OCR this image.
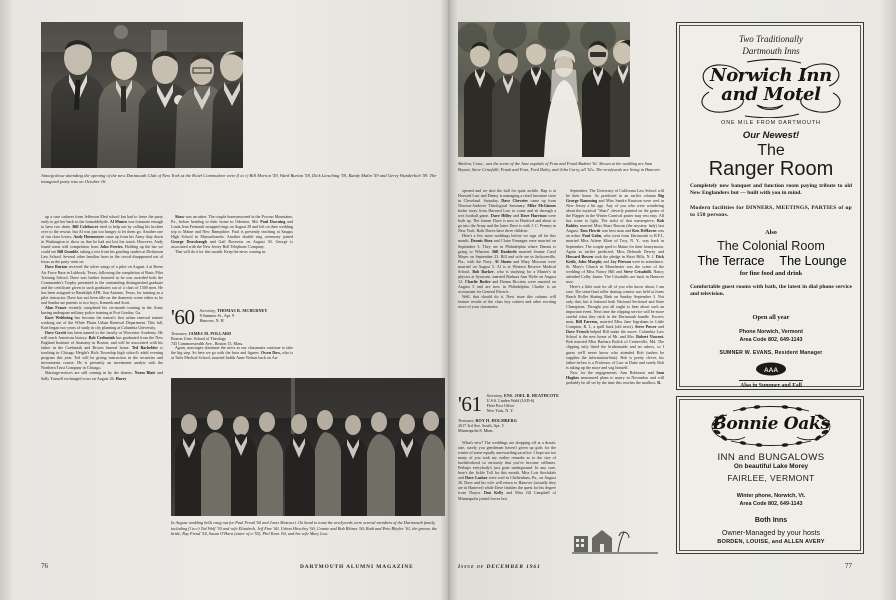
Among those attending the opening of the new Dartmouth Club of New York at the Hotel Commodore were (l to r) Bill Morton '59, Ward Burian '58, Dick Liesching '59, Randy Malin '59 and Gerry Wunderlich '59. The inaugural party was on October 16.

up a cute cadaver from Jefferson Med school but had to leave the party early to get her back to the formaldehyde. Al Munro was fortunate enough to have two dates. Bill Colebower tried to help out by calling his brother over to the rescue, but Al was just too hungry to let them go. Another one of our class lovers, Andy Hoenmeyer came up from his Army duty down in Washington to show us that he had not lost his touch. However, Andy found some stiff competition from John Ferries. Holding up the bar we could see Bill Gumble, taking a rest from his grueling studies at Dickinson Law School. Several other familiar faces in the crowd disappeared out of focus as the party went on.

Dave Burton received the silver wings of a pilot on August 4 at Reese Air Force Base in Lubbock, Texas, following the completion of Basic Pilot Training School. Dave was further honored as he was awarded both the Commander's Trophy presented to the outstanding distinguished graduate and the certificate given to such graduates out of a class of 1500 men. He has been assigned to Randolph AFB, San Antonio, Texas, for training as a pilot instructor. Dave has not been idle on the domestic scene either as he and Sandra are parents to two boys, Kenneth and Scott.

Alan Fraser recently completed his six-month training in the Army having undergone military police training at Fort Gordon, Ga.

Kurt Wehbring has become the nation's first urban renewal trainee working out of the White Plains Urban Renewal Department. This fall, Kurt began two years of study in city planning at Columbia University.

Dave Gavitt has been named to the faculty at Worcester Academy. He will teach American history. Bob Czebsniak has graduated from the New England Institute of Anatomy in Boston, and will be associated with his father in the Czebsniak and Brown funeral home. Ted Bachelder is teaching in Chicago Height's Rich Township high school's adult evening program this year. Ted will be giving instruction in the securities and investments course. He is presently an investment analyst with the Northern Trust Company in Chicago.

Marriage-notices are still coming in by the dozens. Norm Blair and Sally Trussell exchanged vows on August 26. Harry

Shaw was an usher. The couple honeymooned in the Pocono Mountains, Pa., before heading to their home in Odenton, Md. Paul Downing and Linda Jean Fremault swapped rings on August 28 and left on their wedding trip to Maine and New Hampshire. Paul is presently teaching at Saugus High School in Massachusetts. Another double ring ceremony joined George Drawbaugh and Gail Rosevear on August 30. George is associated with the New Jersey Bell Telephone Company.

That will do it for this month. Keep the news coming in.

'60 Secretary, THOMAS R. MCBURNEY
8 Summer St., Apt. 9
Hanover, N. H.
Treasurer, JAMES M. POLLARD
Boston Univ. School of Theology
745 Commonwealth Ave., Boston 15, Mass.

Again, marriages dominate the news as our classmates continue to take the big step. So here we go with the facts and figures. Owen Dow, who is at Tufts Medical School, married Judith Anne Nelson back on Au-

In August wedding bells rang out for Paul Freud '60 and Janet Matrucci. On hand to toast the newlyweds were several members of the Dartmouth family, including (l to r) Ted Wolf '30 and wife Elizabeth, Jeff Fine '60, Urban Hirschey '60, Connie and Bob Rhines '60, Ruth and Pete Bleyler '61, the groom, the bride, Ray Freud '54, Susan O'Hara (sister of a '55), Phil Kron '60, and his wife Mary Lou.
76	DARTMOUTH ALUMNI MAGAZINE
Shelton, Conn., was the scene of the June nuptials of Fran and Frank Budetti '61. Shown at the wedding are Sam Bryant, Steve Crisafulli, Frank and Fran, Ford Daley, and John Curry, all '61s. The newlyweds are living in Hanover.

opened and we shot the bull for quite awhile. Hap is at Harvard Law and Denny is managing a retail furniture store in Cleveland. Saturday, Dave Chevrier came up from Newton-Andover Theological Seminary. Mike McGinnes broke away from Harvard Law to come and sit through a wet football game. Dave Hilley and Dave Harrison were both up. The former Dave is now in Hartford and about to go into the Army and the latter Dave is with J. C. Penney in New York. Both Daves have three children.

Here's a few more weddings before we sign off for this month. Dennis Shea and Claire Finnegan were married on September 3. They are in Philadelphia where Dennis is going to Wharton. Bill Danforth married Jeanne Carol Mayer on September 23. Bill and wife are in Jacksonville, Fla., with the Navy. Al Shonn and Mary Missouri were married on August 5. Al is at Western Reserve Medical School. Bob Barker, who is studying for a Master's in physics at Syracuse, married Barbara Ann Wylie on August 12. Charlie Butler and Donna Riccinto were married on August 5 and are now in Philadelphia. Charlie is an accountant for General Electric.

Well, that should do it. Next issue this column will feature results of the class boy contest and other exciting news of your classmates.

'61 Secretary, ENS. JOEL B. HEATHCOTE
U.S.S. Linden Wald (LSD-6)
Fleet Post Office
New York, N. Y.
Treasurer, ROY H. HOLMBERG
2617 3rd Ave. South, Apt. 5
Minneapolis 8, Minn.

What's new? The weddings are dropping off at a drastic rate, surely you gentlemen haven't given up girls for the winter of some equally unrewarding sacrifice. I hope not too many of you took my earlier remarks as to the size of bachelorhood so seriously that you've become celibates. Perhaps everybody's just gone underground. In any case, here's the fickle Toll for this month. Miss Lois Stockdale and Dave Lashar were wed in Cheltenham, Pa., on August 26. Dave and his wife will return to Hanover (actually they are in Hanover) while Dave finishes the quest for his degree from Thayer. Don Kelly and Miss Jill Campbell of Minneapolis joined forces last

September. The University of California Law School will be their home. As predicted in an earlier column Big George Ramming and Miss Sandra Knutson were wed in New Jersey a bit ago. Any of you who were wondering about the mystical "Shari" cleverly painted on the garter of the Flapper in the Winter Carnival poster may rest easy. All has come to light. The artist of that masterpiece, Bob Balsley married Miss Shari Rowan (the mystery lady) last August. Tom Hewitt was best man and Ken DeHaven was an usher. Paul Gahn, who went from Dartmouth to R.P.I., married Miss Arlene Kline of Troy, N. Y., way back in September. The couple sped to Maine for their honeymoon. Again as earlier predicted, Miss Deborah Dewey and Howard Bowen took the pledge in Short Hills, N. J. Dick Keith, John Murphy and Jay Pierson were in attendance. St. Mary's Church in Manchester was the scene of the wedding of Miss Nancy Hill and Steve Crisafulli. Nancy attended Colby Junior. The Crisafullis are back in Hanover now.

Here's a little note for all of you who know about, I am sure. The semi-final roller skating contest was held at Jones Beach Roller Skating Rink on Sunday September 3. Not only that, but it featured both National Sectional and State Champions. Thought you all ought to hear about such an important event. Next time the clipping service will be more careful what they stick in the Dartmouth bundle. Excrew man, Bill Farrens, married Miss Jane Ingraham in Little Compton, R. I., a spell back (old news). Steve Power and Dave French helped Bill make the move. Columbia Law School is the new home of Mr. and Mrs. Robert Vincent. Bob married Miss Barbara Bolick of Centerville, Md. The clipping only listed the bridesmaids and no ushers, so I guess we'll never know who attended Bob (unless he supplies the information-hint). Bob is pretty clever, his father-in-law is a Professor of Law at Duke and surely Bob is taking up the mace and wig himself.

Now for the engagements. Ann Robinson and Sam Hughes announced plans to marry in November and will probably be all set by the time this reaches the mailbox. R.

Two Traditionally
Dartmouth Inns
Norwich Inn
and Motel
ONE MILE FROM DARTMOUTH
Our Newest!
The
Ranger Room
Completely new banquet and function room paying tribute to old New Englanders but — built with you in mind.
Modern facilities for DINNERS, MEETINGS, PARTIES of up to 150 persons.
Also
The Colonial Room
The Terrace	The Lounge
for fine food and drink
Comfortable guest rooms with bath, the latest in dial phone service and television.
Open all year
Phone Norwich, Vermont
Area Code 802, 649-1143
SUMNER W. EVANS, Resident Manager
AAA
Also in Summer and Fall
Bonnie Oaks
INN and BUNGALOWS
On beautiful Lake Morey
FAIRLEE, VERMONT
Winter phone, Norwich, Vt.
Area Code 802, 649-1143
Both Inns
Owner-Managed by your hosts
BORDEN, LOUISE, and ALLEN AVERY
Issue of DECEMBER 1961	77
